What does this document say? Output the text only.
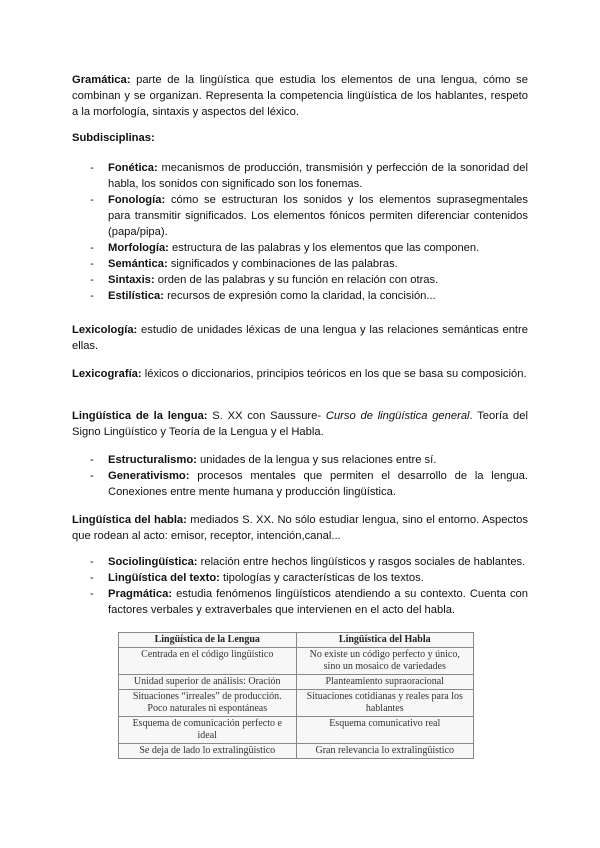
Gramática: parte de la lingüística que estudia los elementos de una lengua, cómo se combinan y se organizan. Representa la competencia lingüística de los hablantes, respeto a la morfología, sintaxis y aspectos del léxico.

Subdisciplinas:

- Fonética: mecanismos de producción, transmisión y perfección de la sonoridad del habla, los sonidos con significado son los fonemas.
- Fonología: cómo se estructuran los sonidos y los elementos suprasegmentales para transmitir significados. Los elementos fónicos permiten diferenciar contenidos (papa/pipa).
- Morfología: estructura de las palabras y los elementos que las componen.
- Semántica: significados y combinaciones de las palabras.
- Sintaxis: orden de las palabras y su función en relación con otras.
- Estilística: recursos de expresión como la claridad, la concisión...

Lexicología: estudio de unidades léxicas de una lengua y las relaciones semánticas entre ellas.

Lexicografía: léxicos o diccionarios, principios teóricos en los que se basa su composición.

Lingüística de la lengua: S. XX con Saussure- Curso de lingüística general. Teoría del Signo Lingüístico y Teoría de la Lengua y el Habla.

- Estructuralismo: unidades de la lengua y sus relaciones entre sí.
- Generativismo: procesos mentales que permiten el desarrollo de la lengua. Conexiones entre mente humana y producción lingüística.

Lingüística del habla: mediados S. XX. No sólo estudiar lengua, sino el entorno. Aspectos que rodean al acto: emisor, receptor, intención,canal...

- Sociolingüística: relación entre hechos lingüísticos y rasgos sociales de hablantes.
- Lingüística del texto: tipologías y características de los textos.
- Pragmática: estudia fenómenos lingüísticos atendiendo a su contexto. Cuenta con factores verbales y extraverbales que intervienen en el acto del habla.
Lingüística de la Lengua	Lingüística del Habla
Centrada en el código lingüístico	No existe un código perfecto y único, sino un mosaico de variedades
Unidad superior de análisis: Oración	Planteamiento supraoracional
Situaciones “irreales” de producción. Poco naturales ni espontáneas	Situaciones cotidianas y reales para los hablantes
Esquema de comunicación perfecto e ideal	Esquema comunicativo real
Se deja de lado lo extralingüístico	Gran relevancia lo extralingüístico
